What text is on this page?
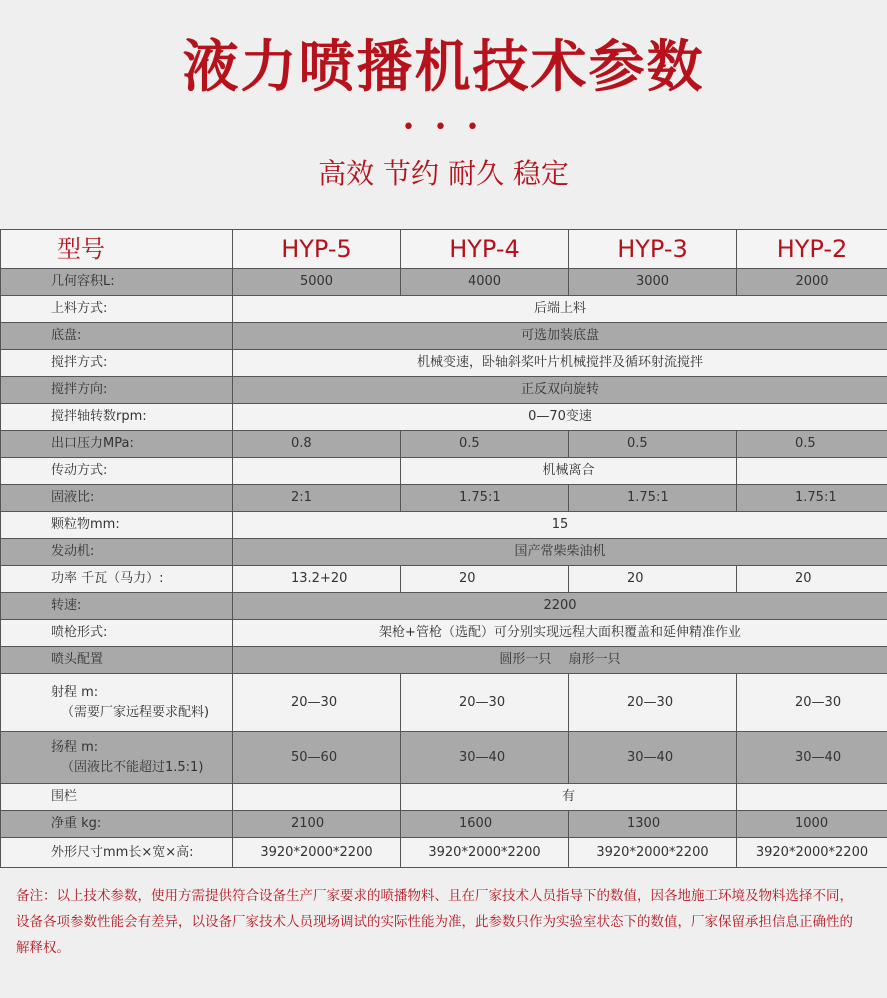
液力喷播机技术参数
• • •
高效 节约 耐久 稳定
型号	HYP-5	HYP-4	HYP-3	HYP-2
几何容积L:	5000	4000	3000	2000
上料方式:	后端上料			
底盘:	可选加装底盘			
搅拌方式:	机械变速，卧轴斜桨叶片机械搅拌及循环射流搅拌			
搅拌方向:	正反双向旋转			
搅拌轴转数rpm:	0—70变速			
出口压力MPa:	0.8	0.5	0.5	0.5
传动方式:		机械离合		
固液比:	2:1	1.75:1	1.75:1	1.75:1
颗粒物mm:	15			
发动机:	国产常柴柴油机			
功率 千瓦（马力）:	13.2+20	20	20	20
转速:	2200			
喷枪形式:	架枪+管枪（选配）可分别实现远程大面积覆盖和延伸精准作业			
喷头配置	圆形一只　 扇形一只			
射程 m:
（需要厂家远程要求配料)	20—30	20—30	20—30	20—30
扬程 m:
（固液比不能超过1.5:1)	50—60	30—40	30—40	30—40
围栏		有		
净重 kg:	2100	1600	1300	1000
外形尺寸mm长×宽×高:	3920*2000*2200	3920*2000*2200	3920*2000*2200	3920*2000*2200
备注：以上技术参数，使用方需提供符合设备生产厂家要求的喷播物料、且在厂家技术人员指导下的数值，因各地施工环境及物料选择不同，设备各项参数性能会有差异，以设备厂家技术人员现场调试的实际性能为准，此参数只作为实验室状态下的数值，厂家保留承担信息正确性的解释权。
